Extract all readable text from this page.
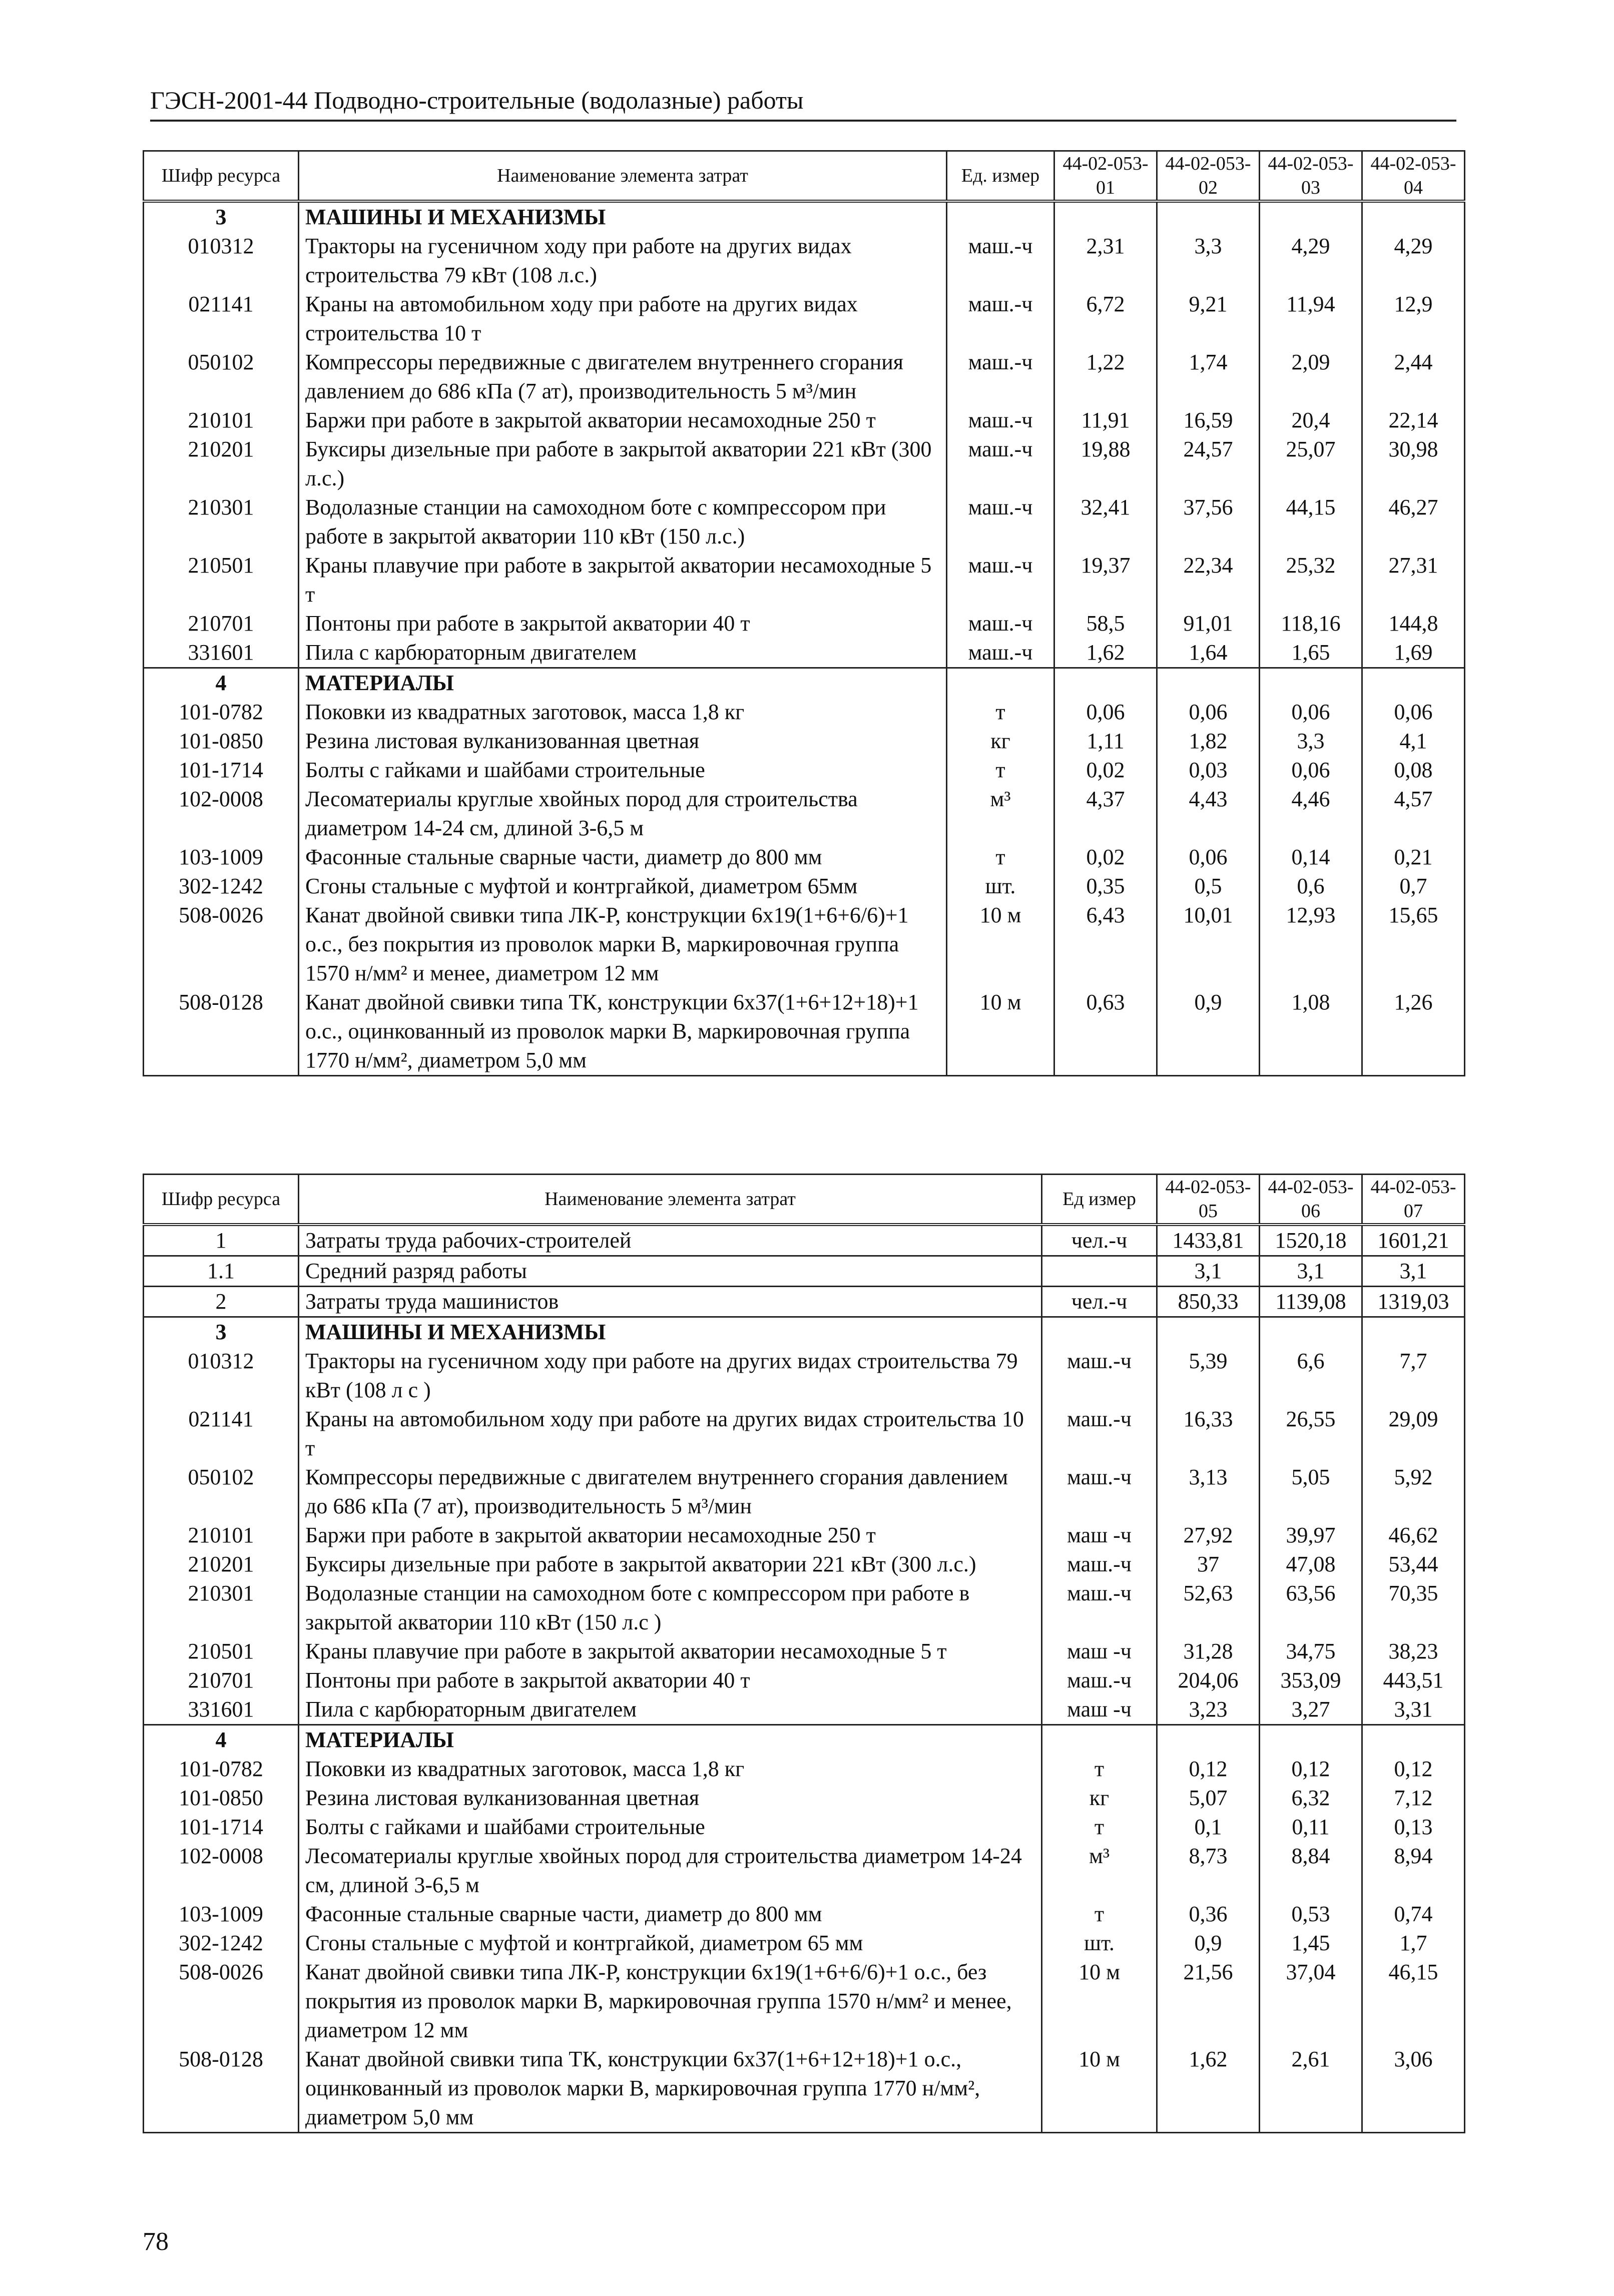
ГЭСН-2001-44 Подводно-строительные (водолазные) работы
Шифр ресурса	Наименование элемента затрат	Ед. измер	44-02-053-01	44-02-053-02	44-02-053-03	44-02-053-04
3	МАШИНЫ И МЕХАНИЗМЫ					
010312	Тракторы на гусеничном ходу при работе на других видах строительства 79 кВт (108 л.с.)	маш.-ч	2,31	3,3	4,29	4,29
021141	Краны на автомобильном ходу при работе на других видах строительства 10 т	маш.-ч	6,72	9,21	11,94	12,9
050102	Компрессоры передвижные с двигателем внутреннего сгорания давлением до 686 кПа (7 ат), производительность 5 м³/мин	маш.-ч	1,22	1,74	2,09	2,44
210101	Баржи при работе в закрытой акватории несамоходные 250 т	маш.-ч	11,91	16,59	20,4	22,14
210201	Буксиры дизельные при работе в закрытой акватории 221 кВт (300 л.с.)	маш.-ч	19,88	24,57	25,07	30,98
210301	Водолазные станции на самоходном боте с компрессором при работе в закрытой акватории 110 кВт (150 л.с.)	маш.-ч	32,41	37,56	44,15	46,27
210501	Краны плавучие при работе в закрытой акватории несамоходные 5 т	маш.-ч	19,37	22,34	25,32	27,31
210701	Понтоны при работе в закрытой акватории 40 т	маш.-ч	58,5	91,01	118,16	144,8
331601	Пила с карбюраторным двигателем	маш.-ч	1,62	1,64	1,65	1,69
4	МАТЕРИАЛЫ					
101-0782	Поковки из квадратных заготовок, масса 1,8 кг	т	0,06	0,06	0,06	0,06
101-0850	Резина листовая вулканизованная цветная	кг	1,11	1,82	3,3	4,1
101-1714	Болты с гайками и шайбами строительные	т	0,02	0,03	0,06	0,08
102-0008	Лесоматериалы круглые хвойных пород для строительства диаметром 14-24 см, длиной 3-6,5 м	м³	4,37	4,43	4,46	4,57
103-1009	Фасонные стальные сварные части, диаметр до 800 мм	т	0,02	0,06	0,14	0,21
302-1242	Сгоны стальные с муфтой и контргайкой, диаметром 65мм	шт.	0,35	0,5	0,6	0,7
508-0026	Канат двойной свивки типа ЛК-Р, конструкции 6х19(1+6+6/6)+1 о.с., без покрытия из проволок марки В, маркировочная группа 1570 н/мм² и менее, диаметром 12 мм	10 м	6,43	10,01	12,93	15,65
508-0128	Канат двойной свивки типа ТК, конструкции 6х37(1+6+12+18)+1 о.с., оцинкованный из проволок марки В, маркировочная группа 1770 н/мм², диаметром 5,0 мм	10 м	0,63	0,9	1,08	1,26
Шифр ресурса	Наименование элемента затрат	Ед измер	44-02-053-05	44-02-053-06	44-02-053-07
1	Затраты труда рабочих-строителей	чел.-ч	1433,81	1520,18	1601,21
1.1	Средний разряд работы		3,1	3,1	3,1
2	Затраты труда машинистов	чел.-ч	850,33	1139,08	1319,03
3	МАШИНЫ И МЕХАНИЗМЫ				
010312	Тракторы на гусеничном ходу при работе на других видах строительства 79 кВт (108 л с )	маш.-ч	5,39	6,6	7,7
021141	Краны на автомобильном ходу при работе на других видах строительства 10 т	маш.-ч	16,33	26,55	29,09
050102	Компрессоры передвижные с двигателем внутреннего сгорания давлением до 686 кПа (7 ат), производительность 5 м³/мин	маш.-ч	3,13	5,05	5,92
210101	Баржи при работе в закрытой акватории несамоходные 250 т	маш -ч	27,92	39,97	46,62
210201	Буксиры дизельные при работе в закрытой акватории 221 кВт (300 л.с.)	маш.-ч	37	47,08	53,44
210301	Водолазные станции на самоходном боте с компрессором при работе в закрытой акватории 110 кВт (150 л.с )	маш.-ч	52,63	63,56	70,35
210501	Краны плавучие при работе в закрытой акватории несамоходные 5 т	маш -ч	31,28	34,75	38,23
210701	Понтоны при работе в закрытой акватории 40 т	маш.-ч	204,06	353,09	443,51
331601	Пила с карбюраторным двигателем	маш -ч	3,23	3,27	3,31
4	МАТЕРИАЛЫ				
101-0782	Поковки из квадратных заготовок, масса 1,8 кг	т	0,12	0,12	0,12
101-0850	Резина листовая вулканизованная цветная	кг	5,07	6,32	7,12
101-1714	Болты с гайками и шайбами строительные	т	0,1	0,11	0,13
102-0008	Лесоматериалы круглые хвойных пород для строительства диаметром 14-24 см, длиной 3-6,5 м	м³	8,73	8,84	8,94
103-1009	Фасонные стальные сварные части, диаметр до 800 мм	т	0,36	0,53	0,74
302-1242	Сгоны стальные с муфтой и контргайкой, диаметром 65 мм	шт.	0,9	1,45	1,7
508-0026	Канат двойной свивки типа ЛК-Р, конструкции 6х19(1+6+6/6)+1 о.с., без покрытия из проволок марки В, маркировочная группа 1570 н/мм² и менее, диаметром 12 мм	10 м	21,56	37,04	46,15
508-0128	Канат двойной свивки типа ТК, конструкции 6х37(1+6+12+18)+1 о.с., оцинкованный из проволок марки В, маркировочная группа 1770 н/мм², диаметром 5,0 мм	10 м	1,62	2,61	3,06
78
